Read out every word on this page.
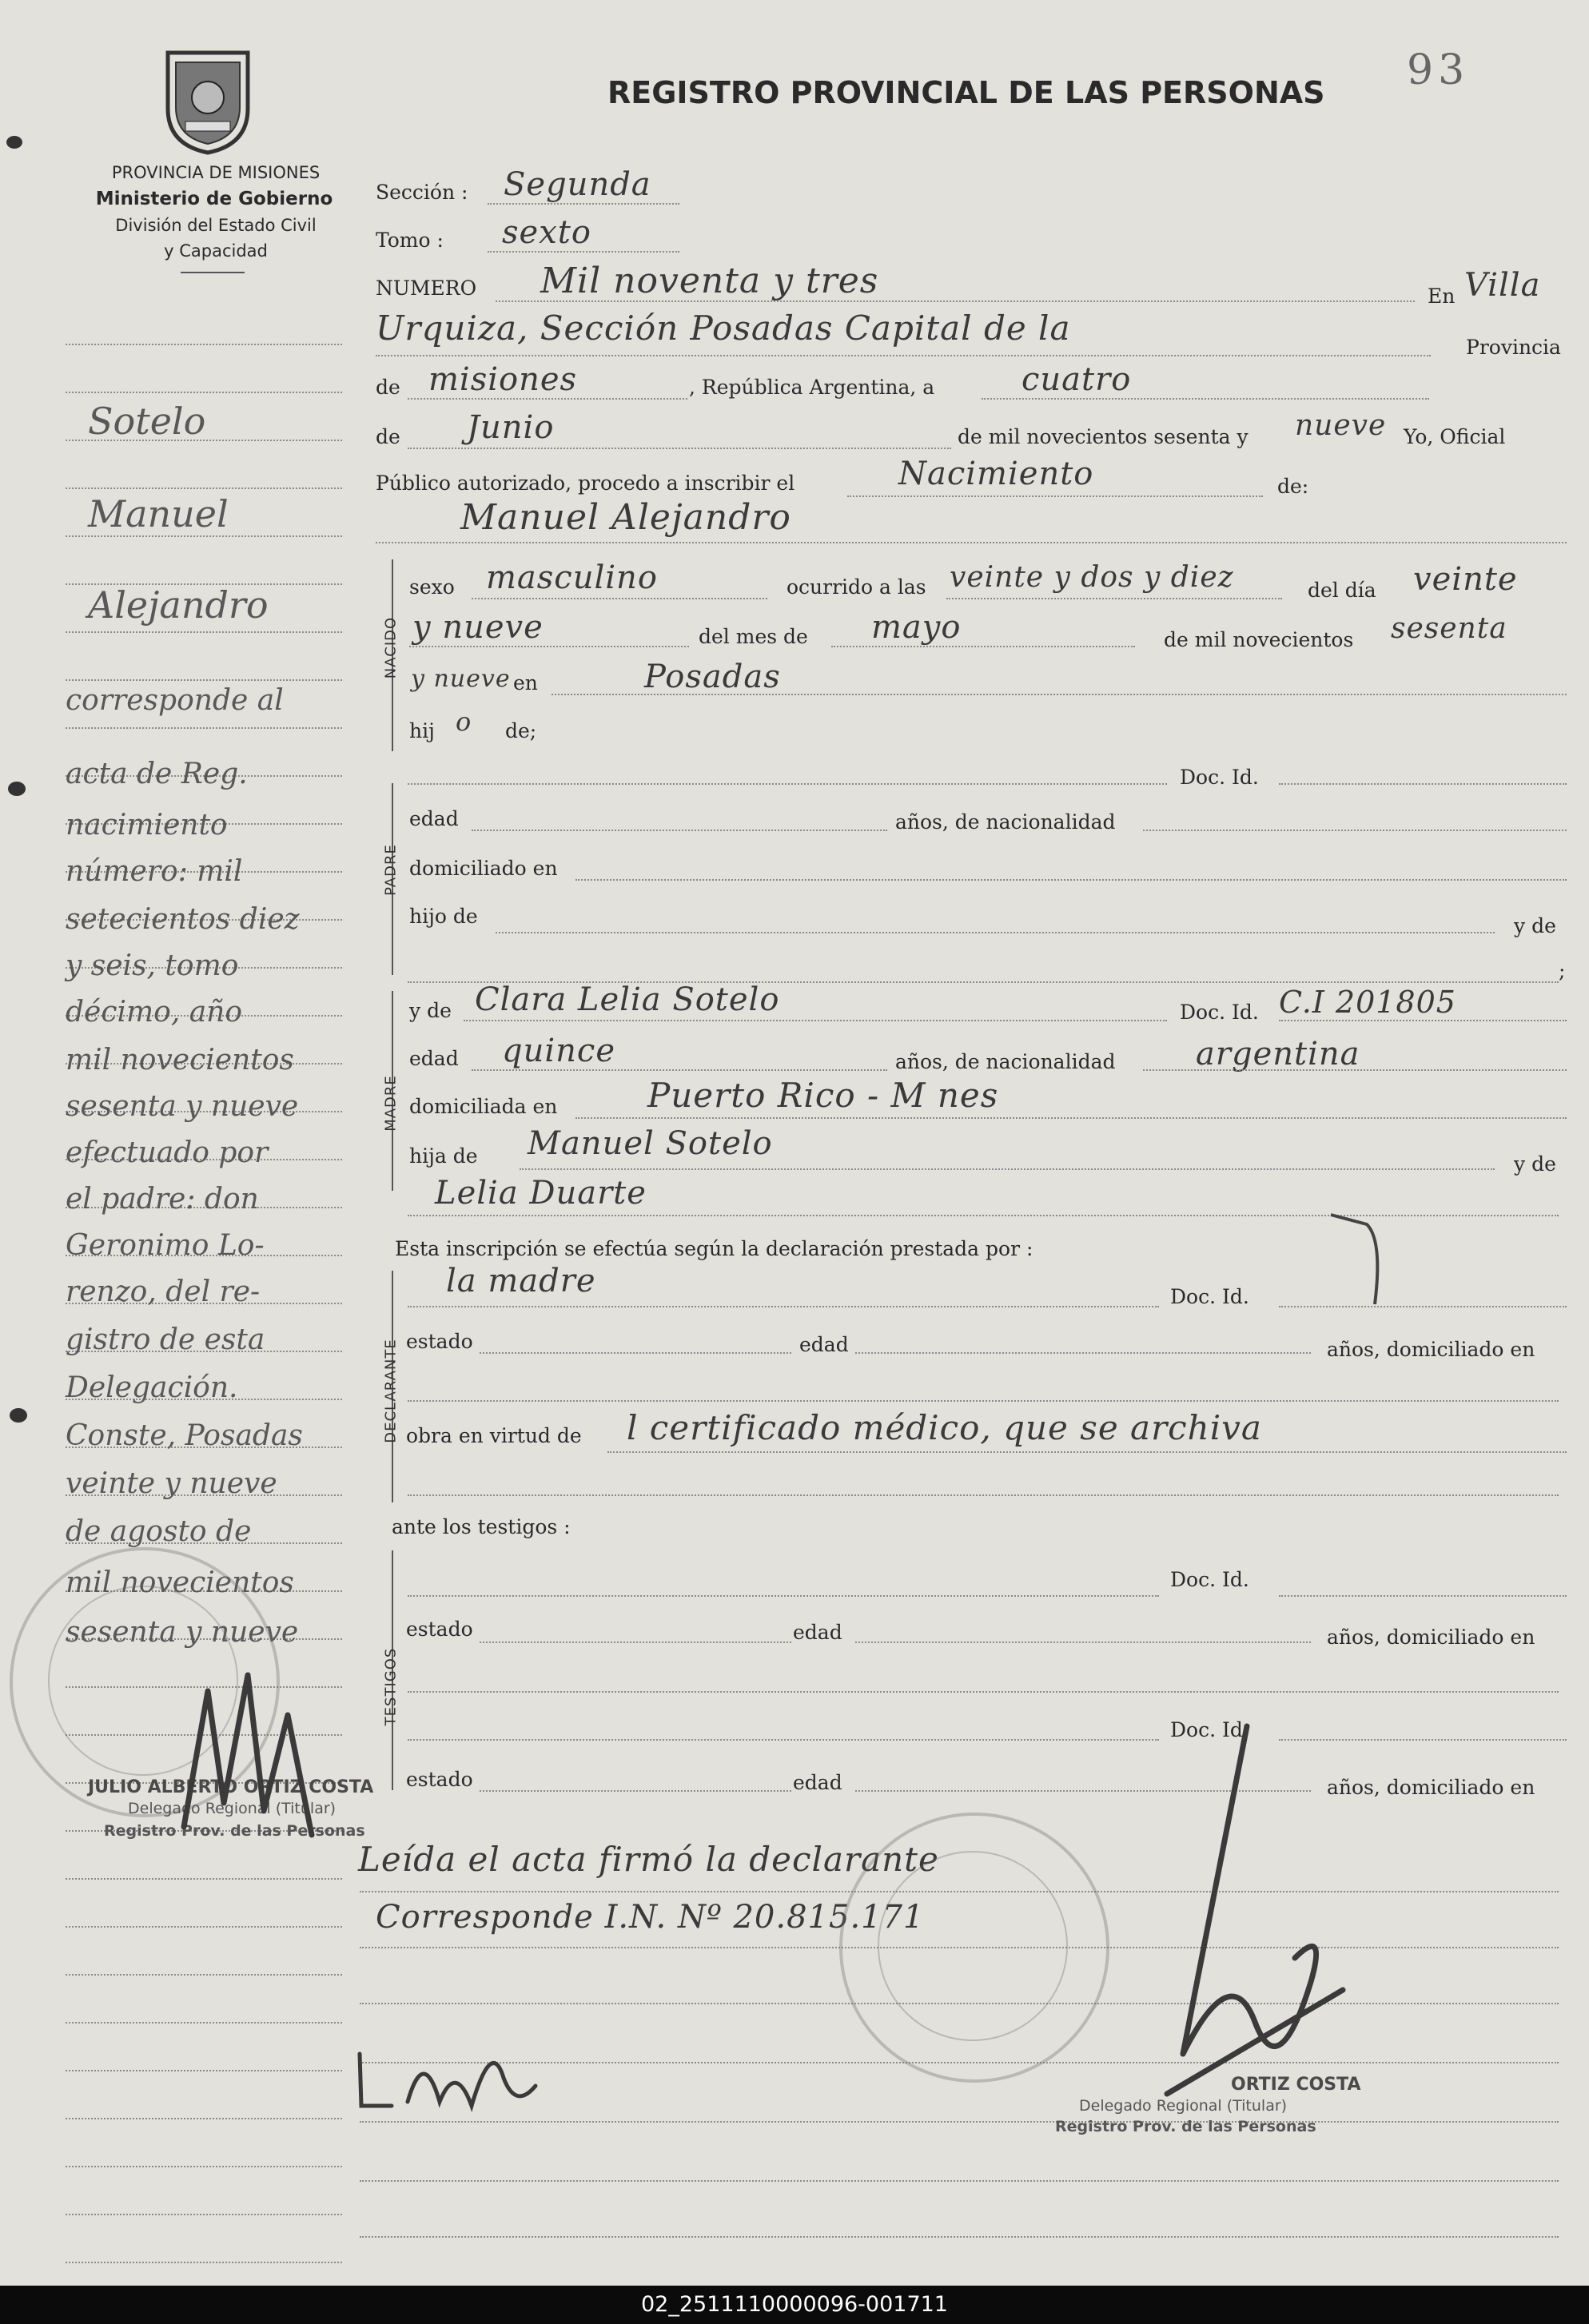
PROVINCIA DE MISIONES
Ministerio de Gobierno
División del Estado Civil
y Capacidad
REGISTRO PROVINCIAL DE LAS PERSONAS 93
Sotelo
Manuel
Alejandro
corresponde al
acta de Reg.
nacimiento
número: mil
setecientos diez
y seis, tomo
décimo, año
mil novecientos
sesenta y nueve
efectuado por
el padre: don
Geronimo Lo-
renzo, del re-
gistro de esta
Delegación.
Conste, Posadas
veinte y nueve
de agosto de
mil novecientos
sesenta y nueve
Sección : Segunda
Tomo : sexto
NUMERO Mil noventa y tres	En Villa
Urquiza, Sección Posadas Capital de la	Provincia
de misiones	, República Argentina, a	cuatro
de Junio	de mil novecientos sesenta y nueve Yo, Oficial
Público autorizado, procedo a inscribir el	Nacimiento	de:
Manuel Alejandro
NACIDO
sexo masculino	ocurrido a las veinte y dos y diez	del día veinte
y nueve	del mes de mayo	de mil novecientos sesenta
y nueve en	Posadas
hij o de;
PADRE
Doc. Id.
edad	años, de nacionalidad
domiciliado en
hijo de	y de
;
MADRE
y de Clara Lelia Sotelo	Doc. Id. C.I 201805
edad quince	años, de nacionalidad	argentina
domiciliada en	Puerto Rico - M nes
hija de Manuel Sotelo
y de
Lelia Duarte
Esta inscripción se efectúa según la declaración prestada por :
DECLARANTE
la madre	Doc. Id.
estado	edad	años, domiciliado en
obra en virtud de l certificado médico, que se archiva
ante los testigos :
TESTIGOS
Doc. Id.
estado	edad	años, domiciliado en
Doc. Id.
estado	edad	años, domiciliado en
Leída el acta firmó la declarante
Corresponde I.N. Nº 20.815.171
JULIO ALBERTO ORTIZ COSTA
Delegado Regional (Titular)
Registro Prov. de las Personas
ORTIZ COSTA
Delegado Regional (Titular)
Registro Prov. de las Personas
02_2511110000096-001711
